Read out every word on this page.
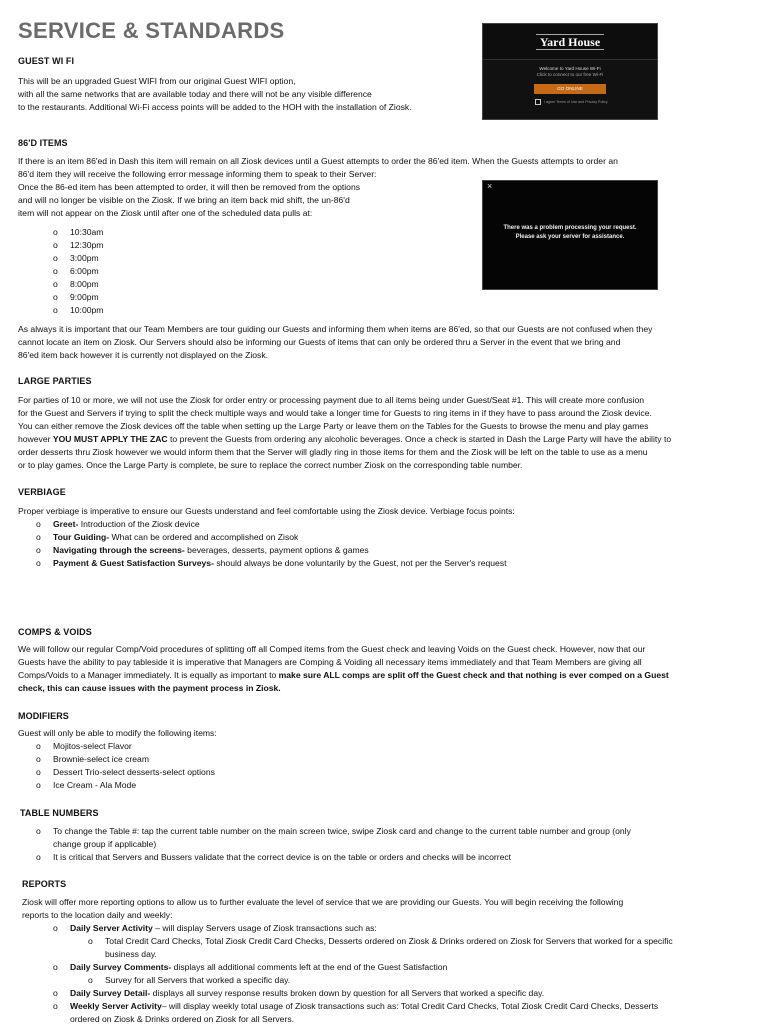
SERVICE & STANDARDS

GUEST WI FI

This will be an upgraded Guest WIFI from our original Guest WIFI option,

with all the same networks that are available today and there will not be any visible difference

to the restaurants. Additional Wi-Fi access points will be added to the HOH with the installation of Ziosk.

Yard House
Welcome to Yard House Wi-Fi
Click to connect to our free Wi-Fi
GO ONLINE
I agree Terms of Use and Privacy Policy

86'D ITEMS

If there is an item 86'ed in Dash this item will remain on all Ziosk devices until a Guest attempts to order the 86'ed item. When the Guests attempts to order an

86'd item they will receive the following error message informing them to speak to their Server:

Once the 86-ed item has been attempted to order, it will then be removed from the options

and will no longer be visible on the Ziosk. If we bring an item back mid shift, the un-86'd

item will not appear on the Ziosk until after one of the scheduled data pulls at:

o 10:30am
o 12:30pm
o 3:00pm
o 6:00pm
o 8:00pm
o 9:00pm
o 10:00pm
×
There was a problem processing your request.
Please ask your server for assistance.

As always it is important that our Team Members are tour guiding our Guests and informing them when items are 86'ed, so that our Guests are not confused when they

cannot locate an item on Ziosk. Our Servers should also be informing our Guests of items that can only be ordered thru a Server in the event that we bring and

86'ed item back however it is currently not displayed on the Ziosk.

LARGE PARTIES

For parties of 10 or more, we will not use the Ziosk for order entry or processing payment due to all items being under Guest/Seat #1. This will create more confusion

for the Guest and Servers if trying to split the check multiple ways and would take a longer time for Guests to ring items in if they have to pass around the Ziosk device.

You can either remove the Ziosk devices off the table when setting up the Large Party or leave them on the Tables for the Guests to browse the menu and play games

however YOU MUST APPLY THE ZAC to prevent the Guests from ordering any alcoholic beverages. Once a check is started in Dash the Large Party will have the ability to

order desserts thru Ziosk however we would inform them that the Server will gladly ring in those items for them and the Ziosk will be left on the table to use as a menu

or to play games. Once the Large Party is complete, be sure to replace the correct number Ziosk on the corresponding table number.

VERBIAGE

Proper verbiage is imperative to ensure our Guests understand and feel comfortable using the Ziosk device. Verbiage focus points:

o Greet- Introduction of the Ziosk device
o Tour Guiding- What can be ordered and accomplished on Zisok
o Navigating through the screens- beverages, desserts, payment options & games
o Payment & Guest Satisfaction Surveys- should always be done voluntarily by the Guest, not per the Server's request

COMPS & VOIDS

We will follow our regular Comp/Void procedures of splitting off all Comped items from the Guest check and leaving Voids on the Guest check. However, now that our

Guests have the ability to pay tableside it is imperative that Managers are Comping & Voiding all necessary items immediately and that Team Members are giving all

Comps/Voids to a Manager immediately. It is equally as important to make sure ALL comps are split off the Guest check and that nothing is ever comped on a Guest

check, this can cause issues with the payment process in Ziosk.

MODIFIERS

Guest will only be able to modify the following items:

o Mojitos-select Flavor
o Brownie-select ice cream
o Dessert Trio-select desserts-select options
o Ice Cream - Ala Mode

TABLE NUMBERS

o To change the Table #: tap the current table number on the main screen twice, swipe Ziosk card and change to the current table number and group (only
change group if applicable)
o It is critical that Servers and Bussers validate that the correct device is on the table or orders and checks will be incorrect

REPORTS

Ziosk will offer more reporting options to allow us to further evaluate the level of service that we are providing our Guests. You will begin receiving the following

reports to the location daily and weekly:

o Daily Server Activity – will display Servers usage of Ziosk transactions such as:
o Total Credit Card Checks, Total Ziosk Credit Card Checks, Desserts ordered on Ziosk & Drinks ordered on Ziosk for Servers that worked for a specific
business day.
o Daily Survey Comments- displays all additional comments left at the end of the Guest Satisfaction
o Survey for all Servers that worked a specific day.
o Daily Survey Detail- displays all survey response results broken down by question for all Servers that worked a specific day.
o Weekly Server Activity– will display weekly total usage of Ziosk transactions such as: Total Credit Card Checks, Total Ziosk Credit Card Checks, Desserts
ordered on Ziosk & Drinks ordered on Ziosk for all Servers.
